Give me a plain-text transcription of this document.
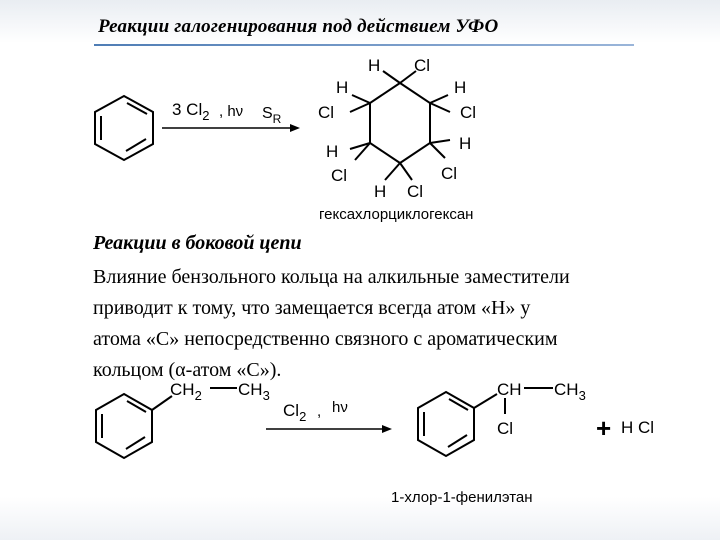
Реакции галогенирования под действием УФО
3 $Cl_2$ , hν $S_R$
H Cl
H
Cl
H
Cl
H
Cl
H
Cl
H Cl
гексахлорциклогексан
$CH_2$ $CH_3$
$Cl_2$ , hν
CH $CH_3$
Cl	+ H Cl
1-хлор-1-фенилэтан
Реакции в боковой цепи
Влияние бензольного кольца на алкильные заместители
приводит к тому, что замещается всегда атом «Н» у
атома «С» непосредственно связного с ароматическим
кольцом (α-атом «С»).
